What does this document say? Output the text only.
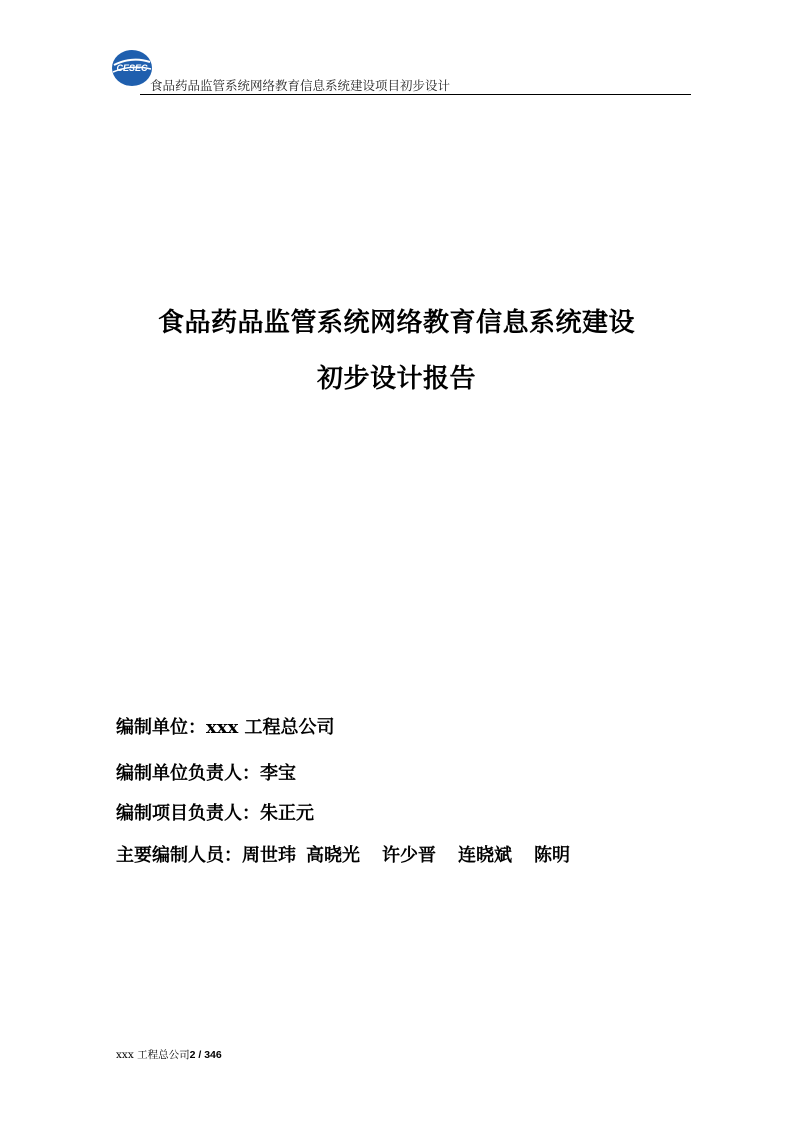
CESEC
食品药品监管系统网络教育信息系统建设项目初步设计
食品药品监管系统网络教育信息系统建设
初步设计报告
编制单位：xxx 工程总公司
编制单位负责人：李宝
编制项目负责人：朱正元
主要编制人员：周世玮 高晓光 许少晋 连晓斌 陈明
xxx 工程总公司2 / 346
